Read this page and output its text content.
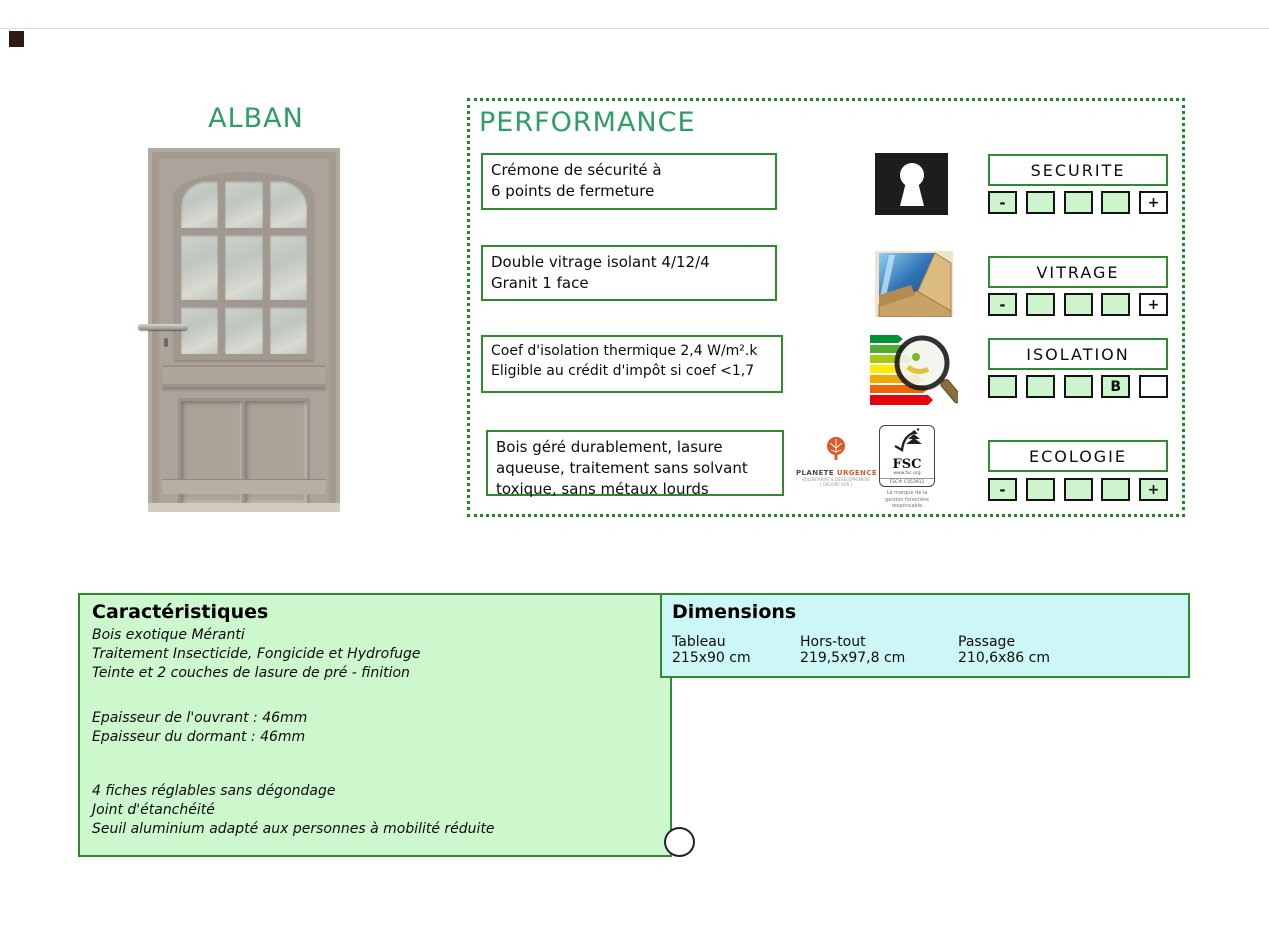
ALBAN	PERFORMANCE
Crémone de sécurité à
6 points de fermeture
Double vitrage isolant 4/12/4
Granit 1 face
Coef d'isolation thermique 2,4 W/m².k
Eligible au crédit d'impôt si coef <1,7
Bois géré durablement, lasure
aqueuse, traitement sans solvant
toxique, sans métaux lourds
PLANETE URGENCE
VOLONTARIAT & DEVELOPPEMENT
( GROUPE SOS )
FSC
www.fsc.org
FSC® C053912
La marque de la gestion forestière responsable
SECURITE
-	+
VITRAGE
-	+
ISOLATION
B
ECOLOGIE
-	+
Caractéristiques
Bois exotique Méranti
Traitement Insecticide, Fongicide et Hydrofuge
Teinte et 2 couches de lasure de pré - finition
Epaisseur de l'ouvrant : 46mm
Epaisseur du dormant : 46mm
4 fiches réglables sans dégondage
Joint d'étanchéité
Seuil aluminium adapté aux personnes à mobilité réduite
Dimensions
Tableau
215x90 cm
Hors-tout
219,5x97,8 cm
Passage
210,6x86 cm
